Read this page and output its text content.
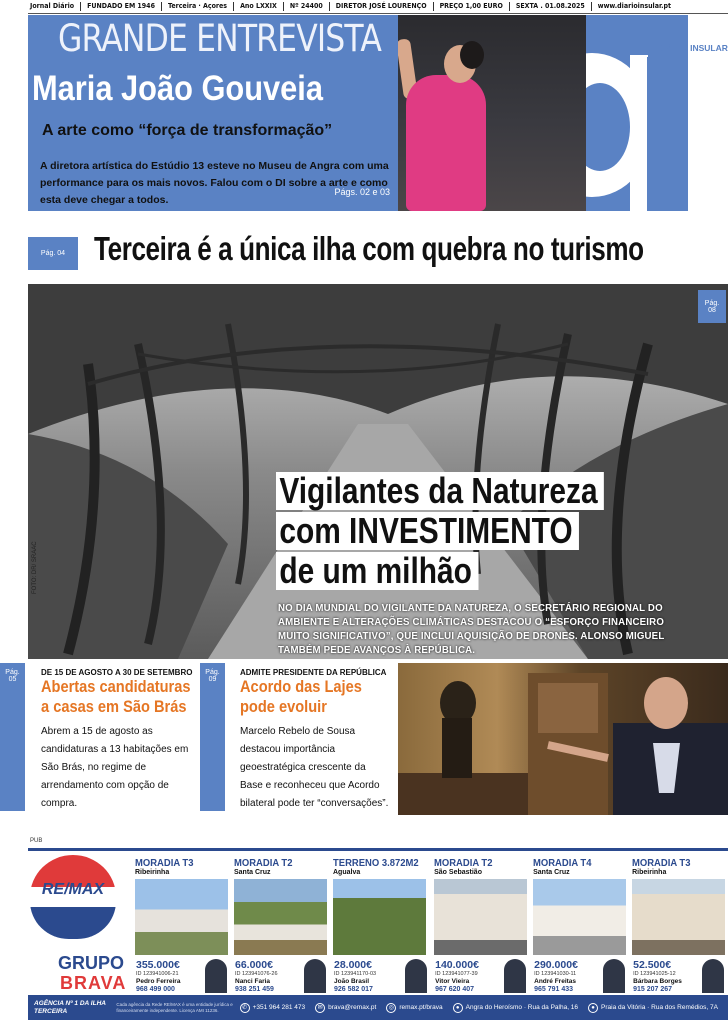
Jornal Diário	FUNDADO EM 1946	Terceira · Açores	Ano LXXIX	Nº 24400	DIRETOR JOSÉ LOURENÇO	PREÇO 1,00 EURO	SEXTA . 01.08.2025	www.diarioinsular.pt
GRANDE ENTREVISTA
Maria João Gouveia
A arte como “força de transformação”
A diretora artística do Estúdio 13 esteve no Museu de Angra com uma performance para os mais novos. Falou com o DI sobre a arte e como esta deve chegar a todos.
Págs. 02 e 03
DIÁRIO INSULAR
Pág. 04 Terceira é a única ilha com quebra no turismo
FOTO: DR/ SRAAC
Pág.
08
Vigilantes da Natureza
com INVESTIMENTO
de um milhão
NO DIA MUNDIAL DO VIGILANTE DA NATUREZA, O SECRETÁRIO REGIONAL DO AMBIENTE E ALTERAÇÕES CLIMÁTICAS DESTACOU O “ESFORÇO FINANCEIRO MUITO SIGNIFICATIVO”, QUE INCLUI AQUISIÇÃO DE DRONES. ALONSO MIGUEL TAMBÉM PEDE AVANÇOS À REPÚBLICA.
Pág.
05
DE 15 DE AGOSTO A 30 DE SETEMBRO
Abertas candidaturas
a casas em São Brás
Abrem a 15 de agosto as candidaturas a 13 habitações em São Brás, no regime de arrendamento com opção de compra.
Pág.
09
ADMITE PRESIDENTE DA REPÚBLICA
Acordo das Lajes
pode evoluir
Marcelo Rebelo de Sousa destacou importância geoestratégica crescente da Base e reconheceu que Acordo bilateral pode ter “conversações”.
PUB
RE/MAX
GRUPO
BRAVA
MORADIA T3
Ribeirinha
355.000€
ID 123941006-21
Pedro Ferreira
968 499 000
MORADIA T2
Santa Cruz
66.000€
ID 123941076-26
Nanci Faria
938 251 459
TERRENO 3.872M2
Agualva
28.000€
ID 123941170-03
João Brasil
926 582 017
MORADIA T2
São Sebastião
140.000€
ID 123941077-39
Vitor Vieira
967 620 407
MORADIA T4
Santa Cruz
290.000€
ID 123941030-11
André Freitas
965 791 433
MORADIA T3
Ribeirinha
52.500€
ID 123941025-12
Bárbara Borges
915 207 267
AGÊNCIA Nº 1 DA ILHA TERCEIRA
Cada agência da Rede RE/MAX é uma entidade jurídica e financeiramente independente. Licença AMI 11236.	✆ +351 964 281 473	✉ brava@remax.pt	◎ remax.pt/brava	● Angra do Heroísmo · Rua da Palha, 16	● Praia da Vitória · Rua dos Remédios, 7A
